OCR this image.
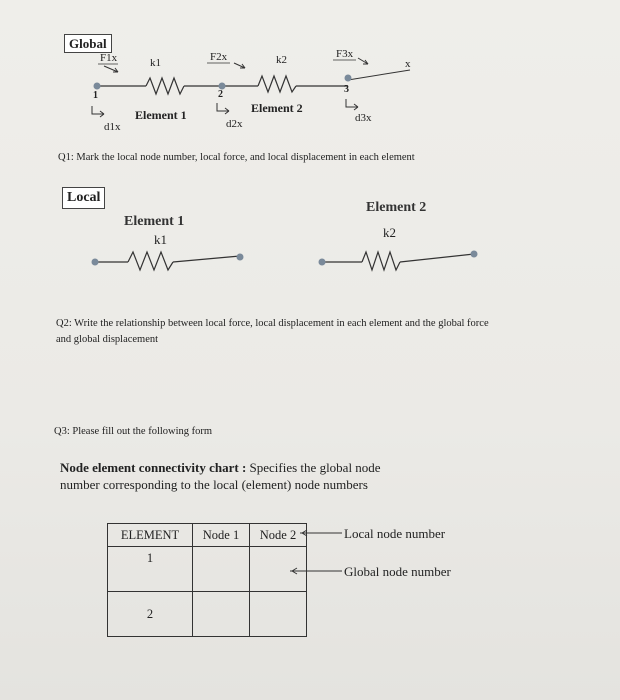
Global
F1x	k1	F2x	k2	F3x
x
1	2	3
Element 1	Element 2
d1x	d2x	d3x
Q1: Mark the local node number, local force, and local displacement in each element
Local
Element 1
k1
Element 2
k2
Q2: Write the relationship between local force, local displacement in each element and the global force
and global displacement
Q3: Please fill out the following form
Node element connectivity chart : Specifies the global node
number corresponding to the local (element) node numbers
ELEMENT	Node 1	Node 2
1		
2		
Local node number
Global node number
